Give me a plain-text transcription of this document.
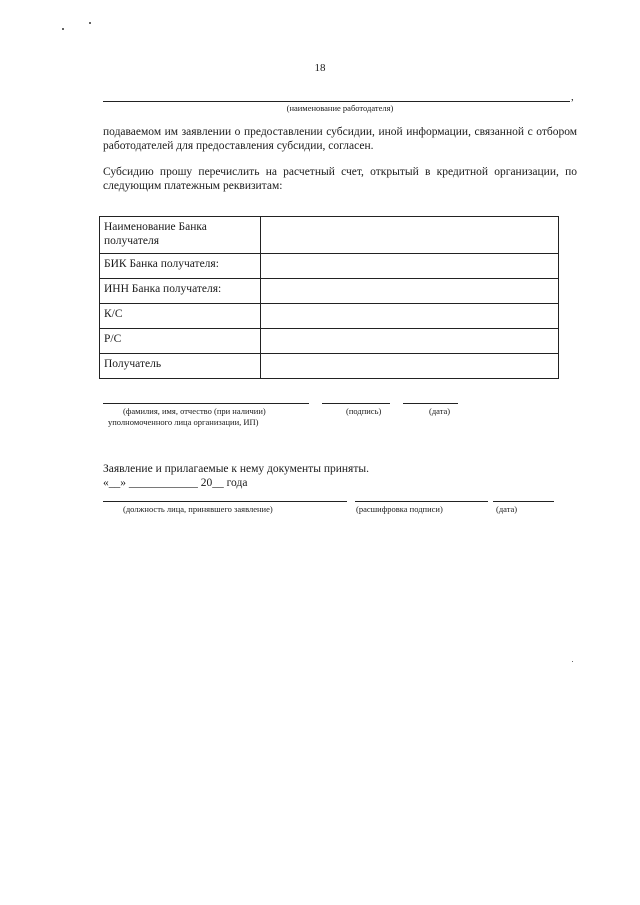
18
,
(наименование работодателя)
подаваемом им заявлении о предоставлении субсидии, иной информации, связанной с отбором работодателей для предоставления субсидии, согласен.
Субсидию прошу перечислить на расчетный счет, открытый в кредитной организации, по следующим платежным реквизитам:
Наименование Банка получателя	
БИК Банка получателя:	
ИНН Банка получателя:	
К/С	
Р/С	
Получатель	
(фамилия, имя, отчество (при наличии)
уполномоченного лица организации, ИП)
(подпись)	(дата)
Заявление и прилагаемые к нему документы приняты.
«__» ____________ 20__ года
(должность лица, принявшего заявление)	(расшифровка подписи)	(дата)
